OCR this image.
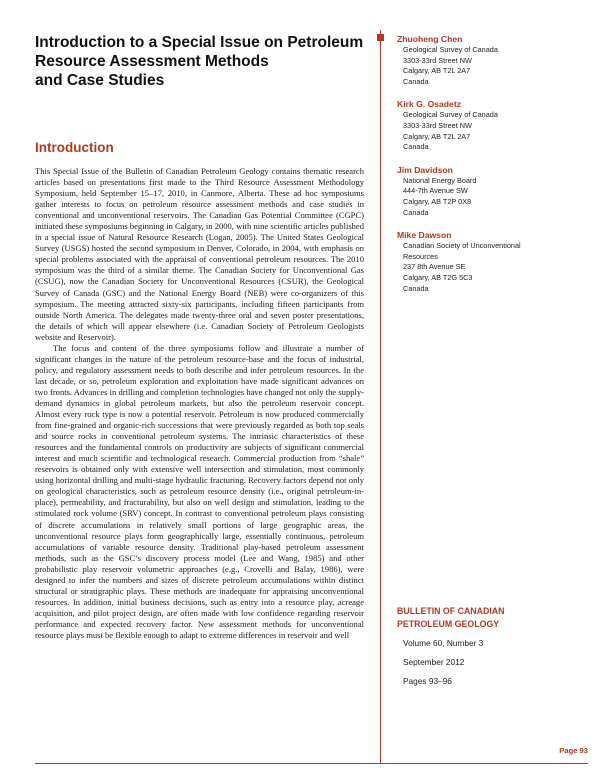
Introduction to a Special Issue on Petroleum
Resource Assessment Methods
and Case Studies
Introduction

This Special Issue of the Bulletin of Canadian Petroleum Geology contains thematic research articles based on presentations first made to the Third Resource Assessment Methodology Symposium, held September 15–17, 2010, in Canmore, Alberta. These ad hoc symposiums gather interests to focus on petroleum resource assessment methods and case studies in conventional and unconventional reservoirs. The Canadian Gas Potential Committee (CGPC) initiated these symposiums beginning in Calgary, in 2000, with nine scientific articles published in a special issue of Natural Resource Research (Logan, 2005). The United States Geological Survey (USGS) hosted the second symposium in Denver, Colorado, in 2004, with emphasis on special problems associated with the appraisal of conventional petroleum resources. The 2010 symposium was the third of a similar theme. The Canadian Society for Unconventional Gas (CSUG), now the Canadian Society for Unconventional Resources (CSUR), the Geological Survey of Canada (GSC) and the National Energy Board (NEB) were co-organizers of this symposium. The meeting attracted sixty-six participants, including fifteen participants from outside North America. The delegates made twenty-three oral and seven poster presentations, the details of which will appear elsewhere (i.e. Canadian Society of Petroleum Geologists website and Reservoir).

The focus and content of the three symposiums follow and illustrate a number of significant changes in the nature of the petroleum resource-base and the focus of industrial, policy, and regulatory assessment needs to both describe and infer petroleum resources. In the last decade, or so, petroleum exploration and exploitation have made significant advances on two fronts. Advances in drilling and completion technologies have changed not only the supply-demand dynamics in global petroleum markets, but also the petroleum reservoir concept. Almost every rock type is now a potential reservoir. Petroleum is now produced commercially from fine-grained and organic-rich successions that were previously regarded as both top seals and source rocks in conventional petroleum systems. The intrinsic characteristics of these resources and the fundamental controls on productivity are subjects of significant commercial interest and much scientific and technological research. Commercial production from “shale” reservoirs is obtained only with extensive well intersection and stimulation, most commonly using horizontal drilling and multi-stage hydraulic fracturing. Recovery factors depend not only on geological characteristics, such as petroleum resource density (i.e., original petroleum-in-place), permeability, and fracturability, but also on well design and stimulation, leading to the stimulated rock volume (SRV) concept. In contrast to conventional petroleum plays consisting of discrete accumulations in relatively small portions of large geographic areas, the unconventional resource plays form geographically large, essentially continuous, petroleum accumulations of variable resource density. Traditional play-based petroleum assessment methods, such as the GSC’s discovery process model (Lee and Wang, 1985) and other probabilistic play reservoir volumetric approaches (e.g., Crovelli and Balay, 1986), were designed to infer the numbers and sizes of discrete petroleum accumulations within distinct structural or stratigraphic plays. These methods are inadequate for appraising unconventional resources. In addition, initial business decisions, such as entry into a resource play, acreage acquisition, and pilot project design, are often made with low confidence regarding reservoir performance and expected recovery factor. New assessment methods for unconventional resource plays must be flexible enough to adapt to extreme differences in reservoir and well

Zhuoheng Chen
Geological Survey of Canada
3303-33rd Street NW
Calgary, AB T2L 2A7
Canada
Kirk G. Osadetz
Geological Survey of Canada
3303-33rd Street NW
Calgary, AB T2L 2A7
Canada
Jim Davidson
National Energy Board
444-7th Avenue SW
Calgary, AB T2P 0X8
Canada
Mike Dawson
Canadian Society of Unconventional
Resources
237 8th Avenue SE
Calgary, AB T2G 5C3
Canada
BULLETIN OF CANADIAN
PETROLEUM GEOLOGY
Volume 60, Number 3
September 2012
Pages 93–96
Page 93
